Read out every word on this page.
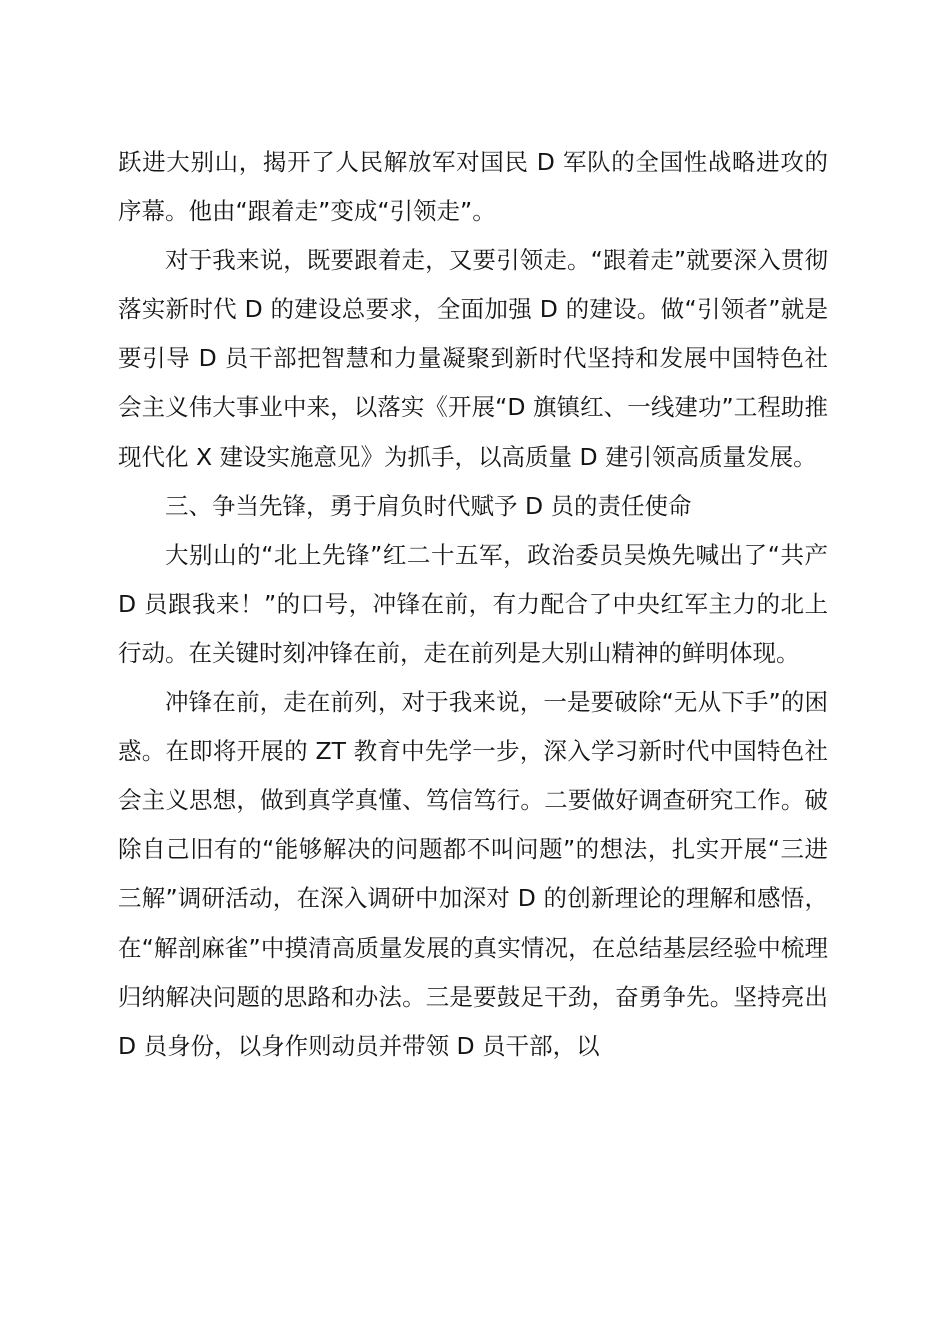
跃进大别山，揭开了人民解放军对国民 D 军队的全国性战略进攻的序幕。他由“跟着走”变成“引领走”。

对于我来说，既要跟着走，又要引领走。“跟着走”就要深入贯彻落实新时代 D 的建设总要求，全面加强 D 的建设。做“引领者”就是要引导 D 员干部把智慧和力量凝聚到新时代坚持和发展中国特色社会主义伟大事业中来，以落实《开展“D 旗镇红、一线建功”工程助推现代化 X 建设实施意见》为抓手，以高质量 D 建引领高质量发展。

三、争当先锋，勇于肩负时代赋予 D 员的责任使命

大别山的“北上先锋”红二十五军，政治委员吴焕先喊出了“共产 D 员跟我来！”的口号，冲锋在前，有力配合了中央红军主力的北上行动。在关键时刻冲锋在前，走在前列是大别山精神的鲜明体现。

冲锋在前，走在前列，对于我来说，一是要破除“无从下手”的困惑。在即将开展的 ZT 教育中先学一步，深入学习新时代中国特色社会主义思想，做到真学真懂、笃信笃行。二要做好调查研究工作。破除自己旧有的“能够解决的问题都不叫问题”的想法，扎实开展“三进三解”调研活动，在深入调研中加深对 D 的创新理论的理解和感悟，在“解剖麻雀”中摸清高质量发展的真实情况，在总结基层经验中梳理归纳解决问题的思路和办法。三是要鼓足干劲，奋勇争先。坚持亮出 D 员身份，以身作则动员并带领 D 员干部，以
